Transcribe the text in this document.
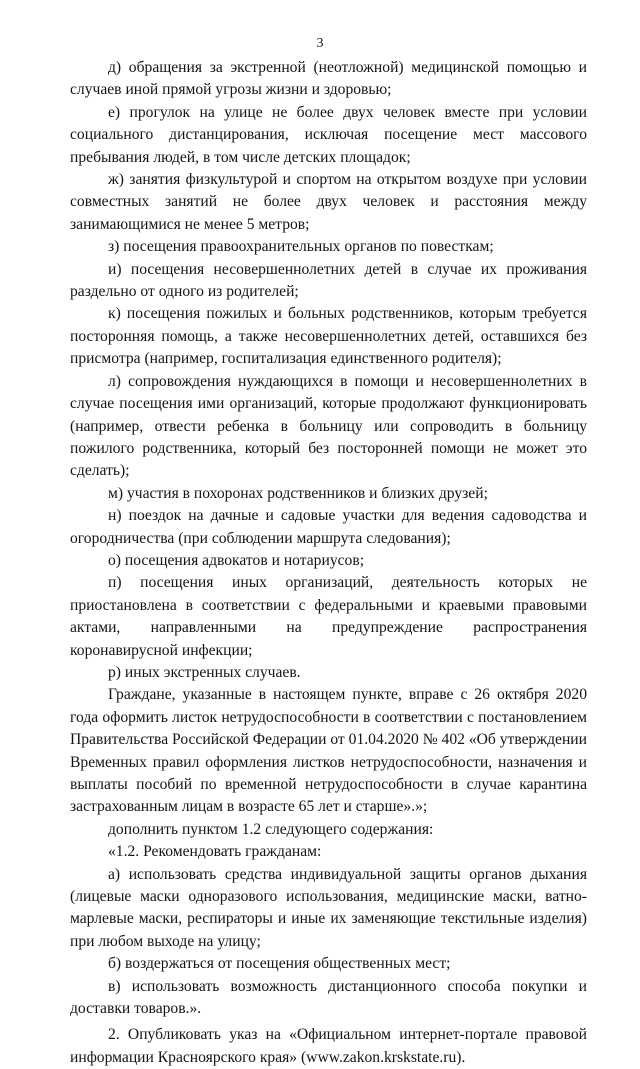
3

д) обращения за экстренной (неотложной) медицинской помощью и случаев иной прямой угрозы жизни и здоровью;

е) прогулок на улице не более двух человек вместе при условии социального дистанцирования, исключая посещение мест массового пребывания людей, в том числе детских площадок;

ж) занятия физкультурой и спортом на открытом воздухе при условии совместных занятий не более двух человек и расстояния между занимающимися не менее 5 метров;

з) посещения правоохранительных органов по повесткам;

и) посещения несовершеннолетних детей в случае их проживания раздельно от одного из родителей;

к) посещения пожилых и больных родственников, которым требуется посторонняя помощь, а также несовершеннолетних детей, оставшихся без присмотра (например, госпитализация единственного родителя);

л) сопровождения нуждающихся в помощи и несовершеннолетних в случае посещения ими организаций, которые продолжают функционировать (например, отвести ребенка в больницу или сопроводить в больницу пожилого родственника, который без посторонней помощи не может это сделать);

м) участия в похоронах родственников и близких друзей;

н) поездок на дачные и садовые участки для ведения садоводства и огородничества (при соблюдении маршрута следования);

о) посещения адвокатов и нотариусов;

п) посещения иных организаций, деятельность которых не приостановлена в соответствии с федеральными и краевыми правовыми актами, направленными на предупреждение распространения коронавирусной инфекции;

р) иных экстренных случаев.

Граждане, указанные в настоящем пункте, вправе с 26 октября 2020 года оформить листок нетрудоспособности в соответствии с постановлением Правительства Российской Федерации от 01.04.2020 № 402 «Об утверждении Временных правил оформления листков нетрудоспособности, назначения и выплаты пособий по временной нетрудоспособности в случае карантина застрахованным лицам в возрасте 65 лет и старше».»;

дополнить пунктом 1.2 следующего содержания:

«1.2. Рекомендовать гражданам:

а) использовать средства индивидуальной защиты органов дыхания (лицевые маски одноразового использования, медицинские маски, ватно-марлевые маски, респираторы и иные их заменяющие текстильные изделия) при любом выходе на улицу;

б) воздержаться от посещения общественных мест;

в) использовать возможность дистанционного способа покупки и доставки товаров.».

2. Опубликовать указ на «Официальном интернет-портале правовой информации Красноярского края» (www.zakon.krskstate.ru).
